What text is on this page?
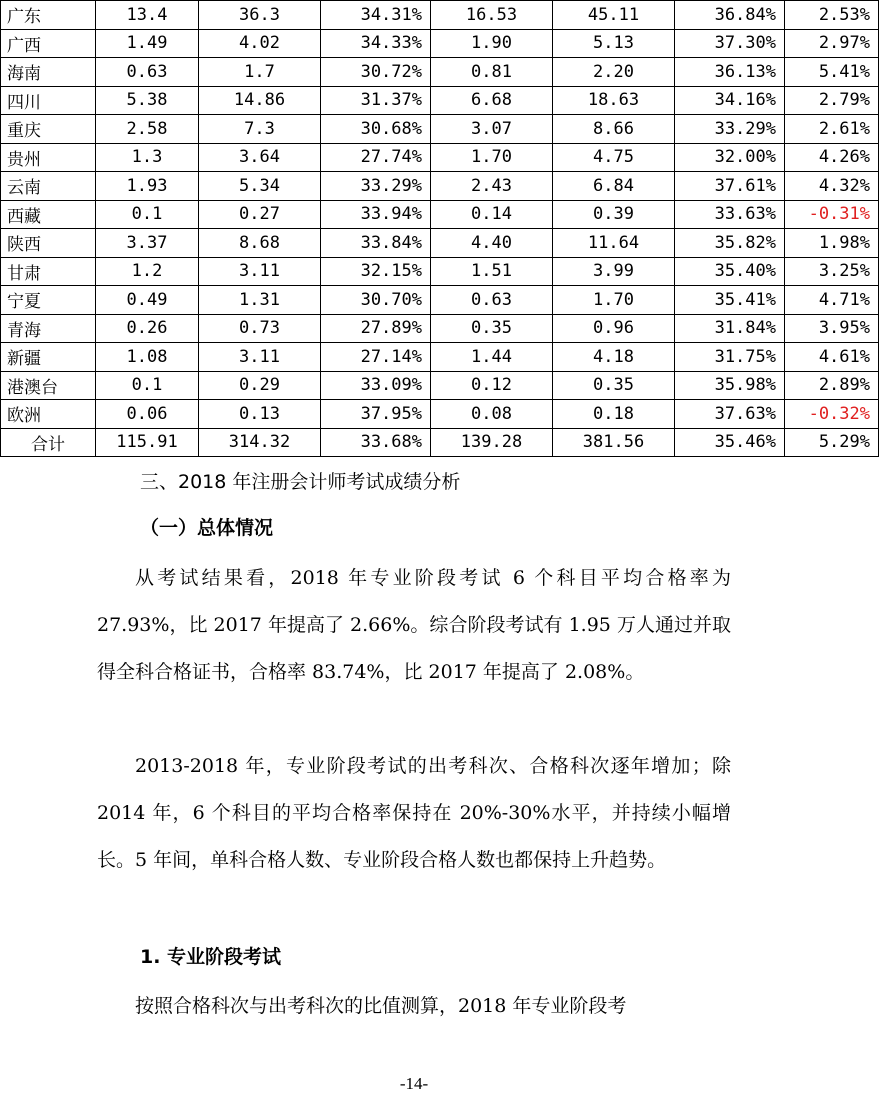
广东	13.4	36.3	34.31%	16.53	45.11	36.84%	2.53%
广西	1.49	4.02	34.33%	1.90	5.13	37.30%	2.97%
海南	0.63	1.7	30.72%	0.81	2.20	36.13%	5.41%
四川	5.38	14.86	31.37%	6.68	18.63	34.16%	2.79%
重庆	2.58	7.3	30.68%	3.07	8.66	33.29%	2.61%
贵州	1.3	3.64	27.74%	1.70	4.75	32.00%	4.26%
云南	1.93	5.34	33.29%	2.43	6.84	37.61%	4.32%
西藏	0.1	0.27	33.94%	0.14	0.39	33.63%	-0.31%
陕西	3.37	8.68	33.84%	4.40	11.64	35.82%	1.98%
甘肃	1.2	3.11	32.15%	1.51	3.99	35.40%	3.25%
宁夏	0.49	1.31	30.70%	0.63	1.70	35.41%	4.71%
青海	0.26	0.73	27.89%	0.35	0.96	31.84%	3.95%
新疆	1.08	3.11	27.14%	1.44	4.18	31.75%	4.61%
港澳台	0.1	0.29	33.09%	0.12	0.35	35.98%	2.89%
欧洲	0.06	0.13	37.95%	0.08	0.18	37.63%	-0.32%
合计	115.91	314.32	33.68%	139.28	381.56	35.46%	5.29%
三、2018 年注册会计师考试成绩分析
（一）总体情况

从考试结果看，2018 年专业阶段考试 6 个科目平均合格率为 27.93%，比 2017 年提高了 2.66%。综合阶段考试有 1.95 万人通过并取得全科合格证书，合格率 83.74%，比 2017 年提高了 2.08%。

2013-2018 年，专业阶段考试的出考科次、合格科次逐年增加；除 2014 年，6 个科目的平均合格率保持在 20%-30%水平，并持续小幅增长。5 年间，单科合格人数、专业阶段合格人数也都保持上升趋势。

1. 专业阶段考试

按照合格科次与出考科次的比值测算，2018 年专业阶段考

-14-
